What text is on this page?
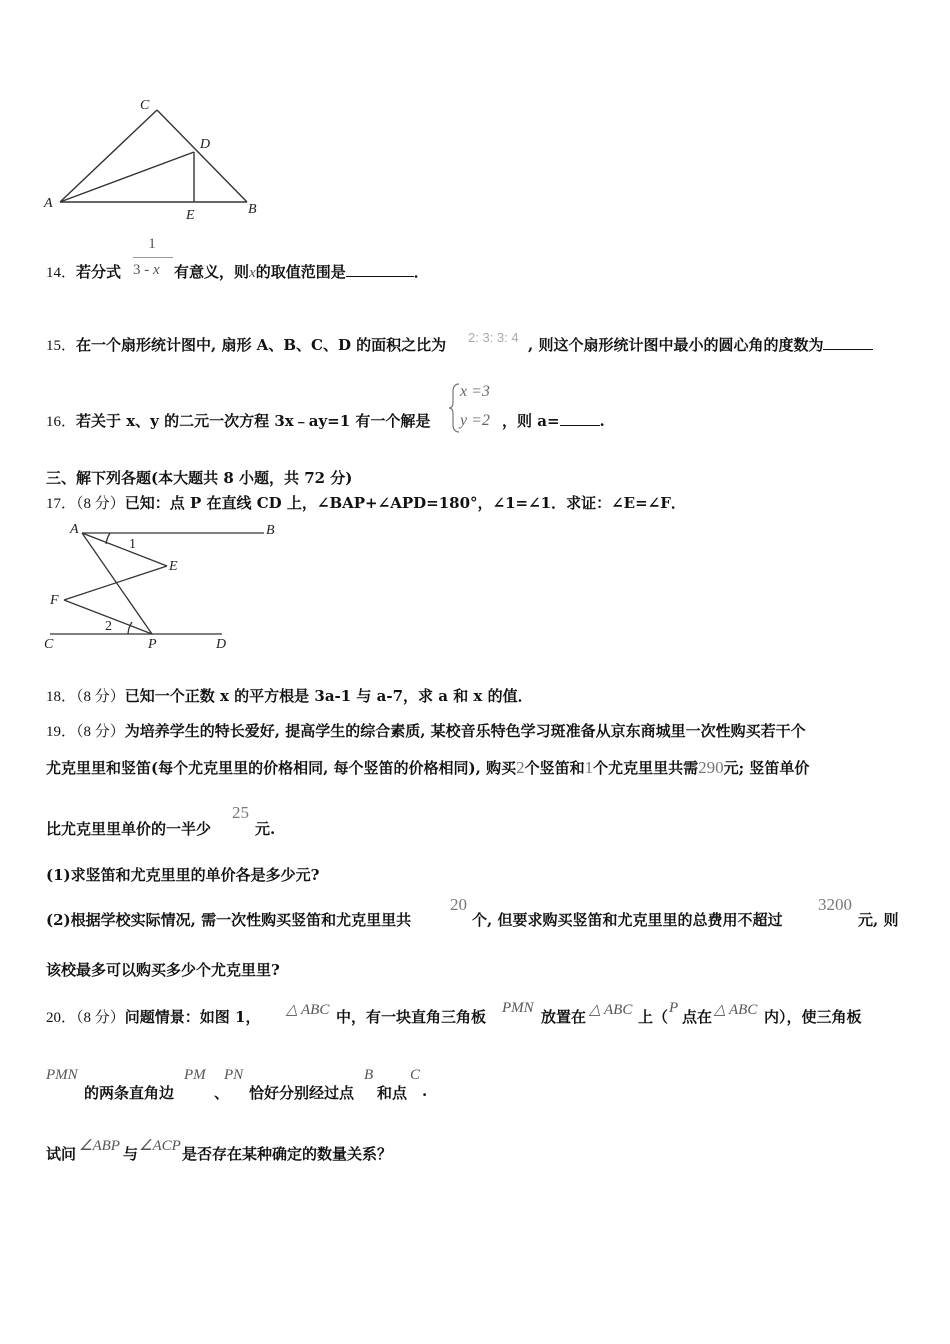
C
D
A
E	B
14．若分式
1
3 - x 有意义，则x的取值范围是	．
15．在一个扇形统计图中, 扇形 A、B、C、D 的面积之比为 2: 3: 3: 4 , 则这个扇形统计图中最小的圆心角的度数为
16．若关于 x、y 的二元一次方程 3x﹣ay=1 有一个解是
x =3
y =2 ，则 a=	.
三、解下列各题(本大题共 8 小题，共 72 分)
17．（8 分）已知：点 P 在直线 CD 上，∠BAP+∠APD=180°，∠1=∠1．求证：∠E=∠F．
A	B
E
F
C	P	D
1
2
18．（8 分）已知一个正数 x 的平方根是 3a-1 与 a-7，求 a 和 x 的值．
19．（8 分）为培养学生的特长爱好, 提高学生的综合素质, 某校音乐特色学习斑准备从京东商城里一次性购买若干个
尤克里里和竖笛(每个尤克里里的价格相同, 每个竖笛的价格相同), 购买2个竖笛和1个尤克里里共需290元; 竖笛单价
比尤克里里单价的一半少
25
元.
(1)求竖笛和尤克里里的单价各是多少元?
(2)根据学校实际情况, 需一次性购买竖笛和尤克里里共
20
个, 但要求购买竖笛和尤克里里的总费用不超过
3200
元, 则
该校最多可以购买多少个尤克里里?
20．（8 分）问题情景：如图 1， △ ABC 中，有一块直角三角板 PMN 放置在 △ ABC 上（ P 点在 △ ABC 内），使三角板
PMN
的两条直角边
PM
、
PN
恰好分别经过点
B
和点
C
.
试问 ∠ABP 与 ∠ACP 是否存在某种确定的数量关系？
